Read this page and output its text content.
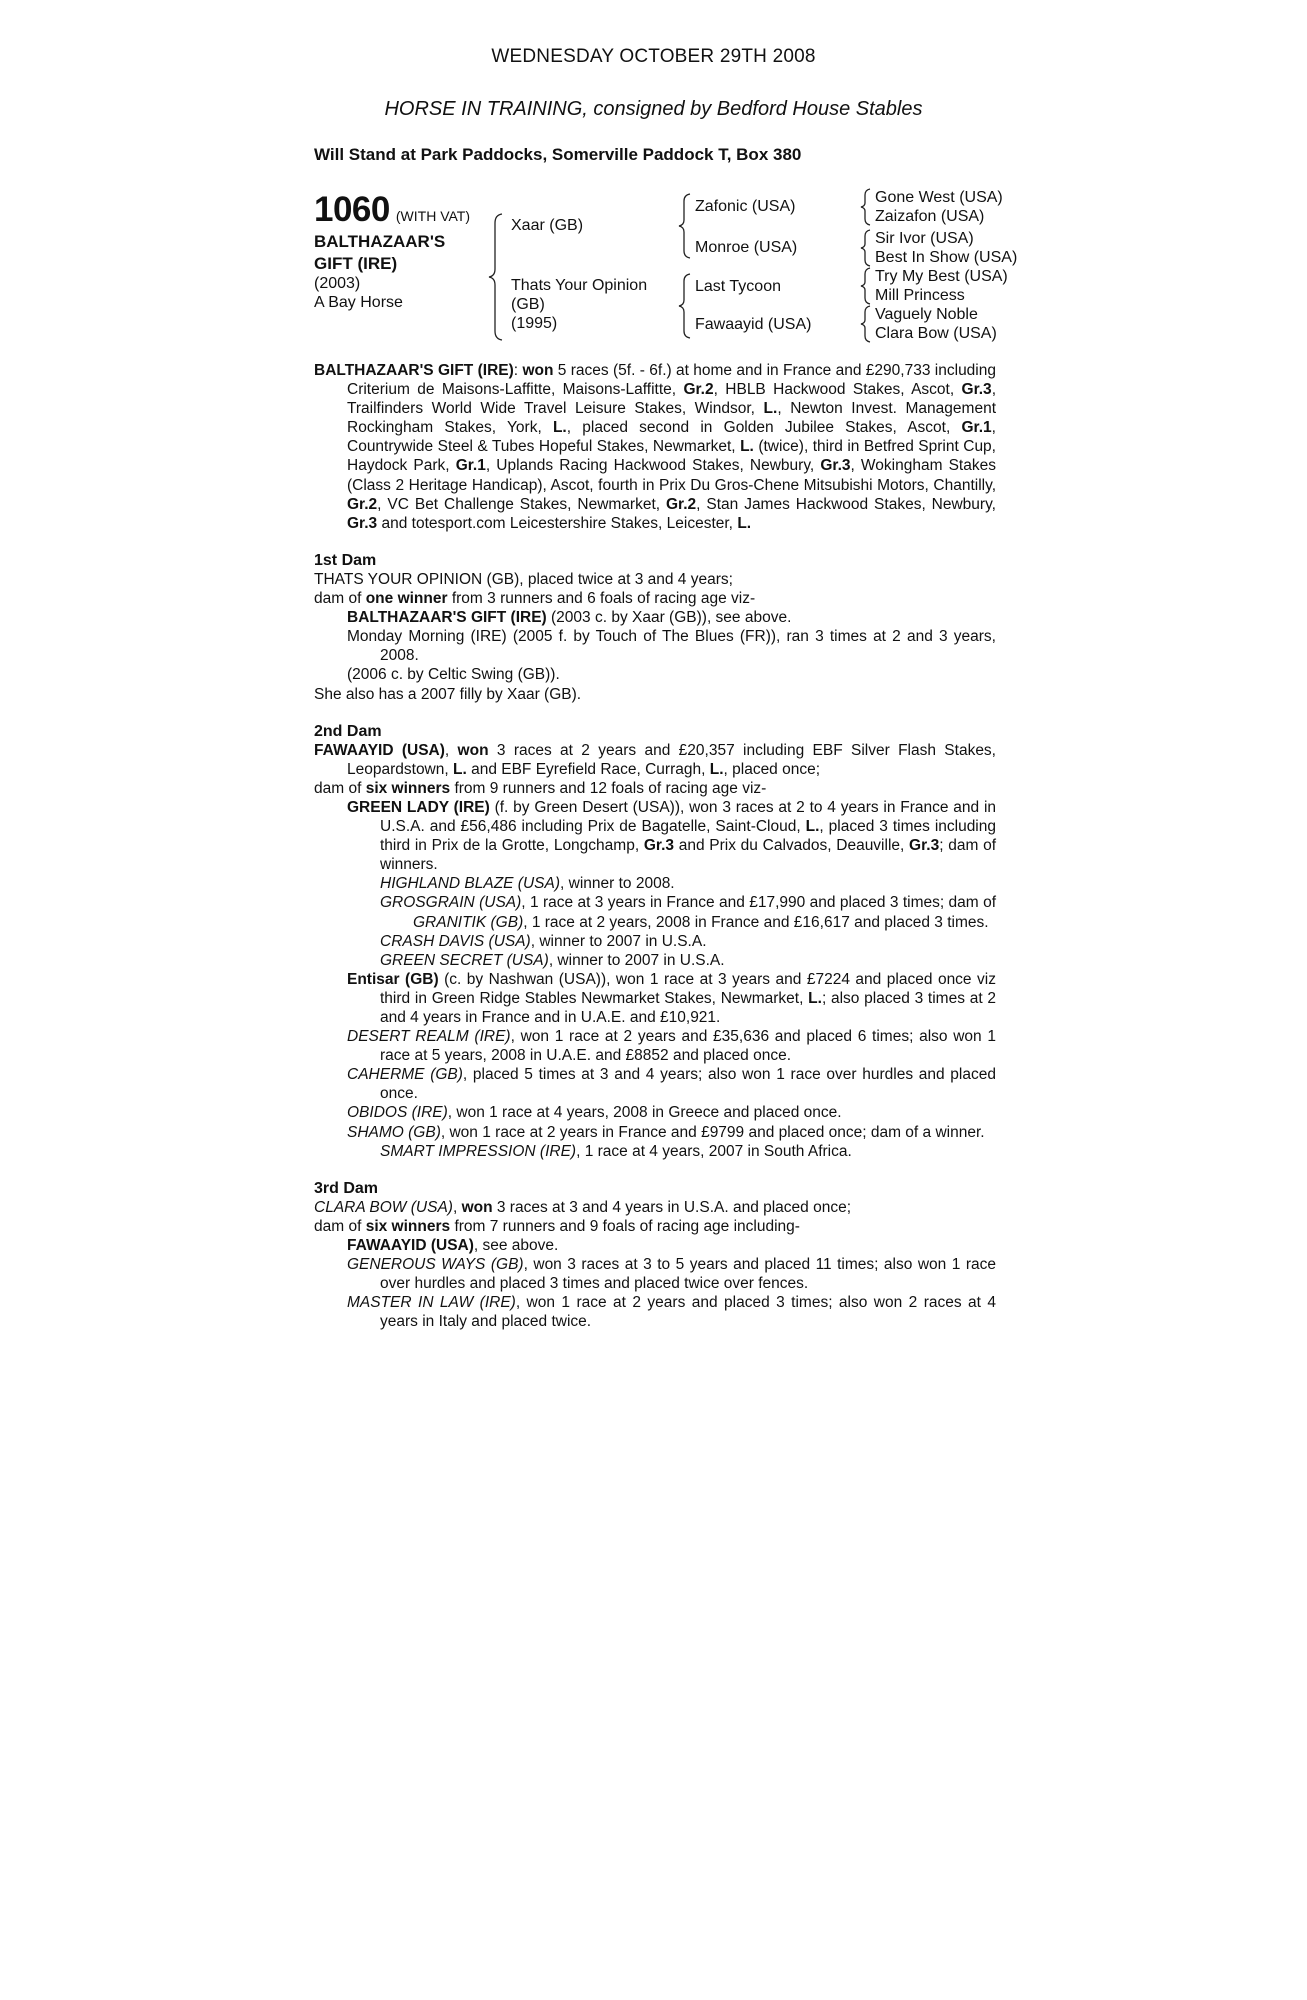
WEDNESDAY OCTOBER 29TH 2008
HORSE IN TRAINING, consigned by Bedford House Stables
Will Stand at Park Paddocks, Somerville Paddock T, Box 380
1060 (WITH VAT)
BALTHAZAAR'S
GIFT (IRE)
(2003)
A Bay Horse
Xaar (GB)
Thats Your Opinion
(GB)
(1995)
Zafonic (USA)
Monroe (USA)
Last Tycoon
Fawaayid (USA)
Gone West (USA)
Zaizafon (USA)
Sir Ivor (USA)
Best In Show (USA)
Try My Best (USA)
Mill Princess
Vaguely Noble
Clara Bow (USA)

BALTHAZAAR'S GIFT (IRE): won 5 races (5f. - 6f.) at home and in France and £290,733 including Criterium de Maisons-Laffitte, Maisons-Laffitte, Gr.2, HBLB Hackwood Stakes, Ascot, Gr.3, Trailfinders World Wide Travel Leisure Stakes, Windsor, L., Newton Invest. Management Rockingham Stakes, York, L., placed second in Golden Jubilee Stakes, Ascot, Gr.1, Countrywide Steel & Tubes Hopeful Stakes, Newmarket, L. (twice), third in Betfred Sprint Cup, Haydock Park, Gr.1, Uplands Racing Hackwood Stakes, Newbury, Gr.3, Wokingham Stakes (Class 2 Heritage Handicap), Ascot, fourth in Prix Du Gros-Chene Mitsubishi Motors, Chantilly, Gr.2, VC Bet Challenge Stakes, Newmarket, Gr.2, Stan James Hackwood Stakes, Newbury, Gr.3 and totesport.com Leicestershire Stakes, Leicester, L.

1st Dam

THATS YOUR OPINION (GB), placed twice at 3 and 4 years;

dam of one winner from 3 runners and 6 foals of racing age viz-

BALTHAZAAR'S GIFT (IRE) (2003 c. by Xaar (GB)), see above.

Monday Morning (IRE) (2005 f. by Touch of The Blues (FR)), ran 3 times at 2 and 3 years, 2008.

(2006 c. by Celtic Swing (GB)).

She also has a 2007 filly by Xaar (GB).

2nd Dam

FAWAAYID (USA), won 3 races at 2 years and £20,357 including EBF Silver Flash Stakes, Leopardstown, L. and EBF Eyrefield Race, Curragh, L., placed once;

dam of six winners from 9 runners and 12 foals of racing age viz-

GREEN LADY (IRE) (f. by Green Desert (USA)), won 3 races at 2 to 4 years in France and in U.S.A. and £56,486 including Prix de Bagatelle, Saint-Cloud, L., placed 3 times including third in Prix de la Grotte, Longchamp, Gr.3 and Prix du Calvados, Deauville, Gr.3; dam of winners.

HIGHLAND BLAZE (USA), winner to 2008.

GROSGRAIN (USA), 1 race at 3 years in France and £17,990 and placed 3 times; dam of GRANITIK (GB), 1 race at 2 years, 2008 in France and £16,617 and placed 3 times.

CRASH DAVIS (USA), winner to 2007 in U.S.A.

GREEN SECRET (USA), winner to 2007 in U.S.A.

Entisar (GB) (c. by Nashwan (USA)), won 1 race at 3 years and £7224 and placed once viz third in Green Ridge Stables Newmarket Stakes, Newmarket, L.; also placed 3 times at 2 and 4 years in France and in U.A.E. and £10,921.

DESERT REALM (IRE), won 1 race at 2 years and £35,636 and placed 6 times; also won 1 race at 5 years, 2008 in U.A.E. and £8852 and placed once.

CAHERME (GB), placed 5 times at 3 and 4 years; also won 1 race over hurdles and placed once.

OBIDOS (IRE), won 1 race at 4 years, 2008 in Greece and placed once.

SHAMO (GB), won 1 race at 2 years in France and £9799 and placed once; dam of a winner.

SMART IMPRESSION (IRE), 1 race at 4 years, 2007 in South Africa.

3rd Dam

CLARA BOW (USA), won 3 races at 3 and 4 years in U.S.A. and placed once;

dam of six winners from 7 runners and 9 foals of racing age including-

FAWAAYID (USA), see above.

GENEROUS WAYS (GB), won 3 races at 3 to 5 years and placed 11 times; also won 1 race over hurdles and placed 3 times and placed twice over fences.

MASTER IN LAW (IRE), won 1 race at 2 years and placed 3 times; also won 2 races at 4 years in Italy and placed twice.
